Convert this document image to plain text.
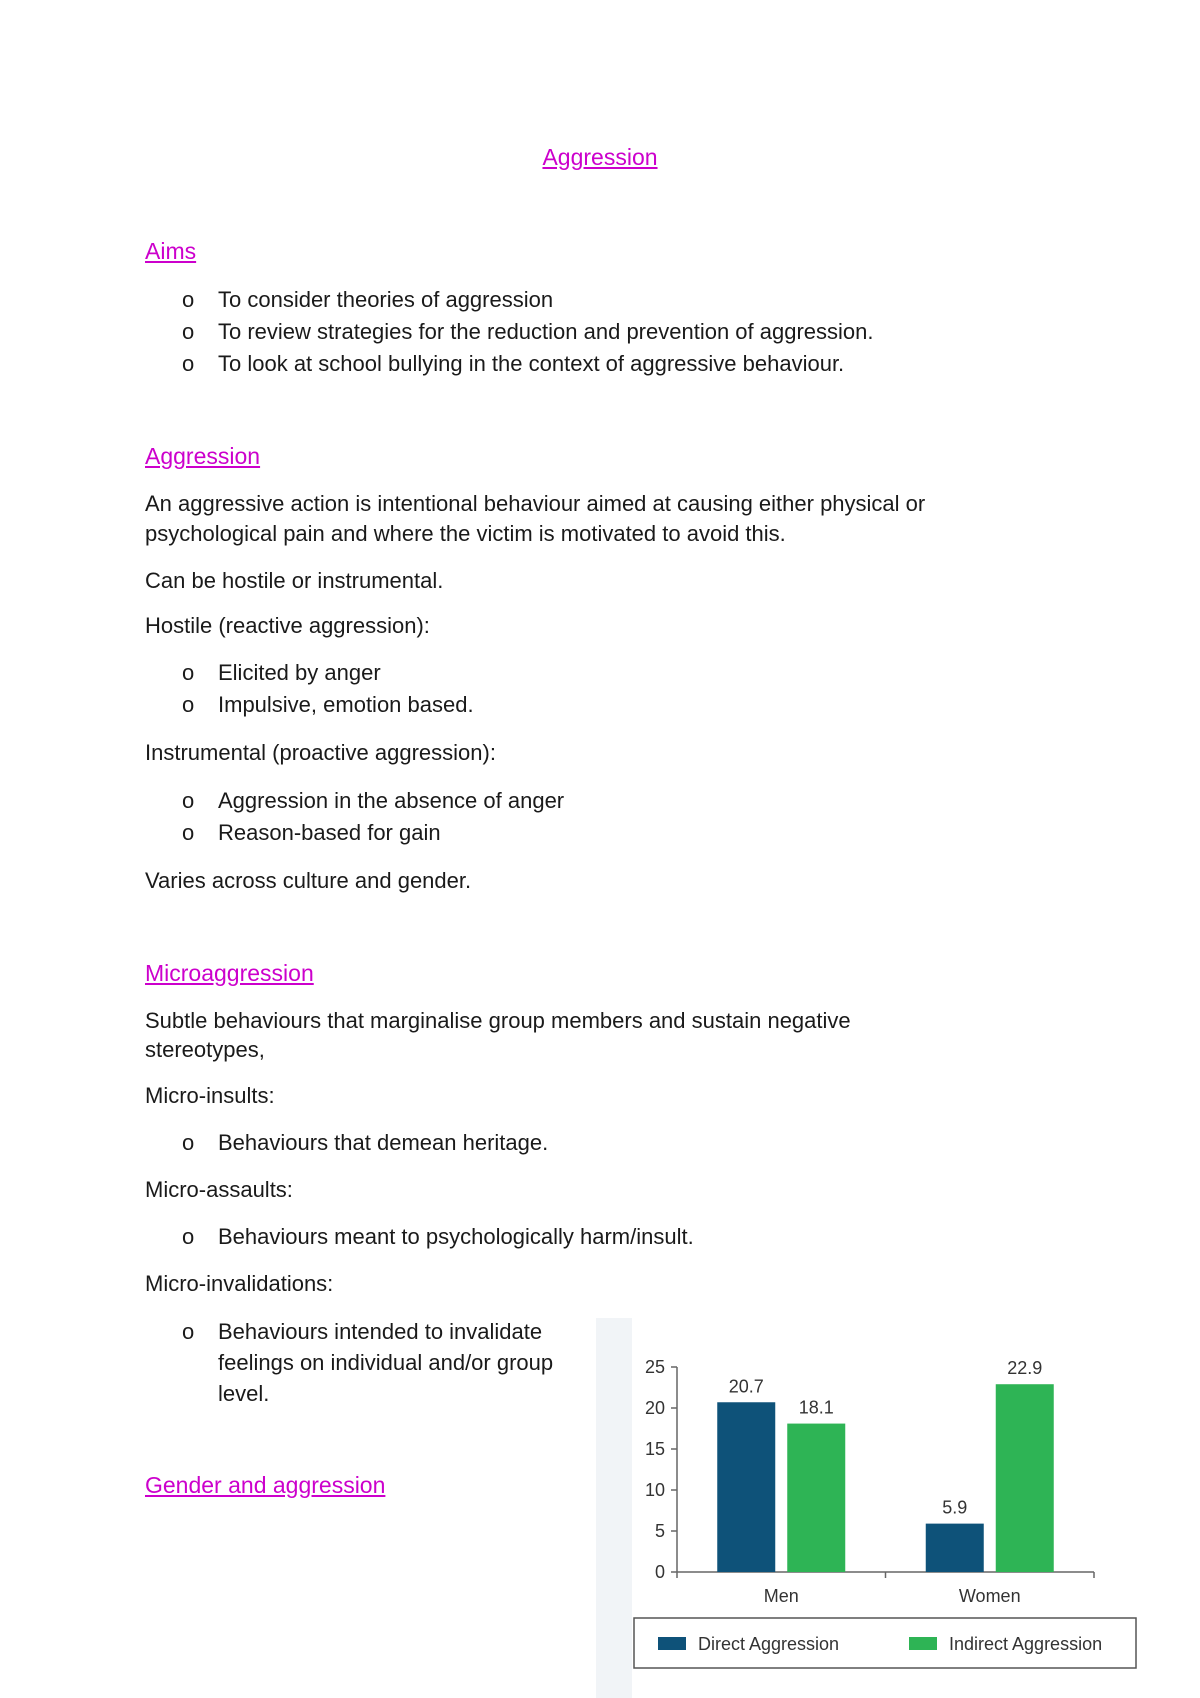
Aggression
Aims
o To consider theories of aggression
o To review strategies for the reduction and prevention of aggression.
o To look at school bullying in the context of aggressive behaviour.
Aggression
An aggressive action is intentional behaviour aimed at causing either physical or
psychological pain and where the victim is motivated to avoid this.
Can be hostile or instrumental.
Hostile (reactive aggression):
o Elicited by anger
o Impulsive, emotion based.
Instrumental (proactive aggression):
o Aggression in the absence of anger
o Reason-based for gain
Varies across culture and gender.
Microaggression
Subtle behaviours that marginalise group members and sustain negative
stereotypes,
Micro-insults:
o Behaviours that demean heritage.
Micro-assaults:
o Behaviours meant to psychologically harm/insult.
Micro-invalidations:
o Behaviours intended to invalidate feelings on individual and/or group level.
Gender and aggression
0
5
10
15
20
25
20.7
18.1
Men
5.9
22.9
Women
Direct Aggression	Indirect Aggression
